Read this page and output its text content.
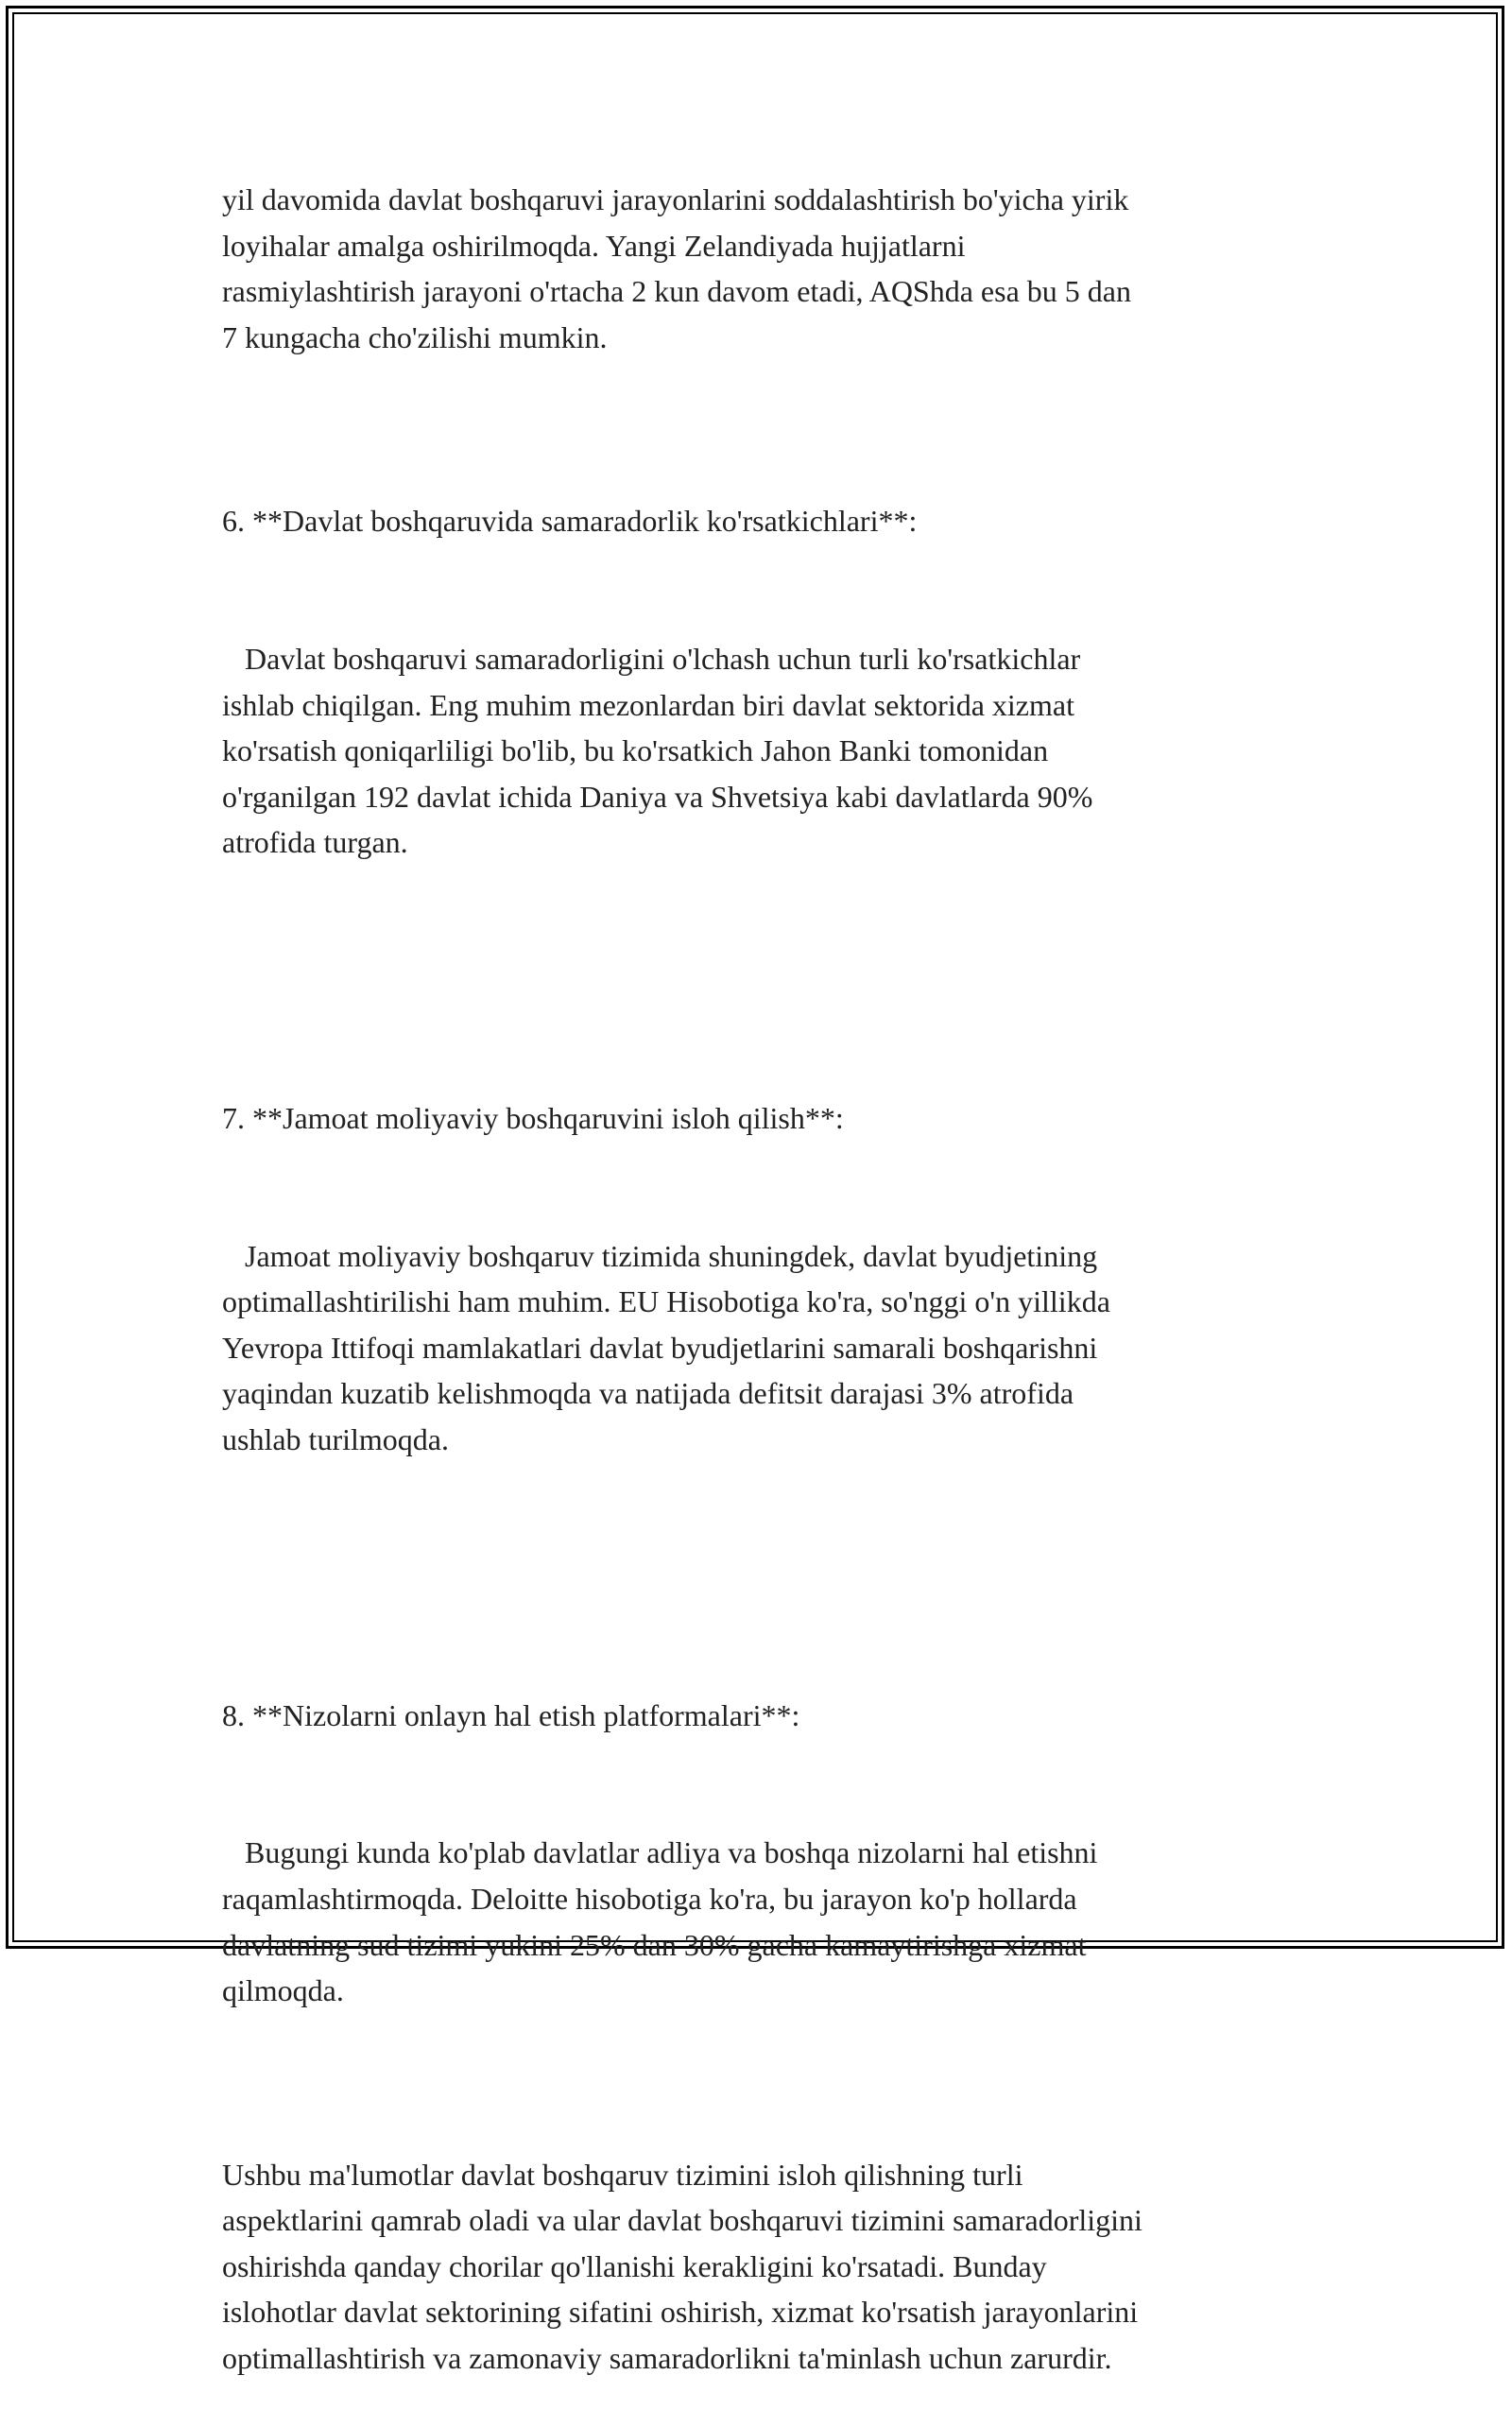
yil davomida davlat boshqaruvi jarayonlarini soddalashtirish bo'yicha yirik
loyihalar amalga oshirilmoqda. Yangi Zelandiyada hujjatlarni
rasmiylashtirish jarayoni o'rtacha 2 kun davom etadi, AQShda esa bu 5 dan
7 kungacha cho'zilishi mumkin.

6. **Davlat boshqaruvida samaradorlik ko'rsatkichlari**:

Davlat boshqaruvi samaradorligini o'lchash uchun turli ko'rsatkichlar
ishlab chiqilgan. Eng muhim mezonlardan biri davlat sektorida xizmat
ko'rsatish qoniqarliligi bo'lib, bu ko'rsatkich Jahon Banki tomonidan
o'rganilgan 192 davlat ichida Daniya va Shvetsiya kabi davlatlarda 90%
atrofida turgan.

7. **Jamoat moliyaviy boshqaruvini isloh qilish**:

Jamoat moliyaviy boshqaruv tizimida shuningdek, davlat byudjetining
optimallashtirilishi ham muhim. EU Hisobotiga ko'ra, so'nggi o'n yillikda
Yevropa Ittifoqi mamlakatlari davlat byudjetlarini samarali boshqarishni
yaqindan kuzatib kelishmoqda va natijada defitsit darajasi 3% atrofida
ushlab turilmoqda.

8. **Nizolarni onlayn hal etish platformalari**:

Bugungi kunda ko'plab davlatlar adliya va boshqa nizolarni hal etishni
raqamlashtirmoqda. Deloitte hisobotiga ko'ra, bu jarayon ko'p hollarda
davlatning sud tizimi yukini 25% dan 30% gacha kamaytirishga xizmat
qilmoqda.

Ushbu ma'lumotlar davlat boshqaruv tizimini isloh qilishning turli
aspektlarini qamrab oladi va ular davlat boshqaruvi tizimini samaradorligini
oshirishda qanday chorilar qo'llanishi kerakligini ko'rsatadi. Bunday
islohotlar davlat sektorining sifatini oshirish, xizmat ko'rsatish jarayonlarini
optimallashtirish va zamonaviy samaradorlikni ta'minlash uchun zarurdir.
